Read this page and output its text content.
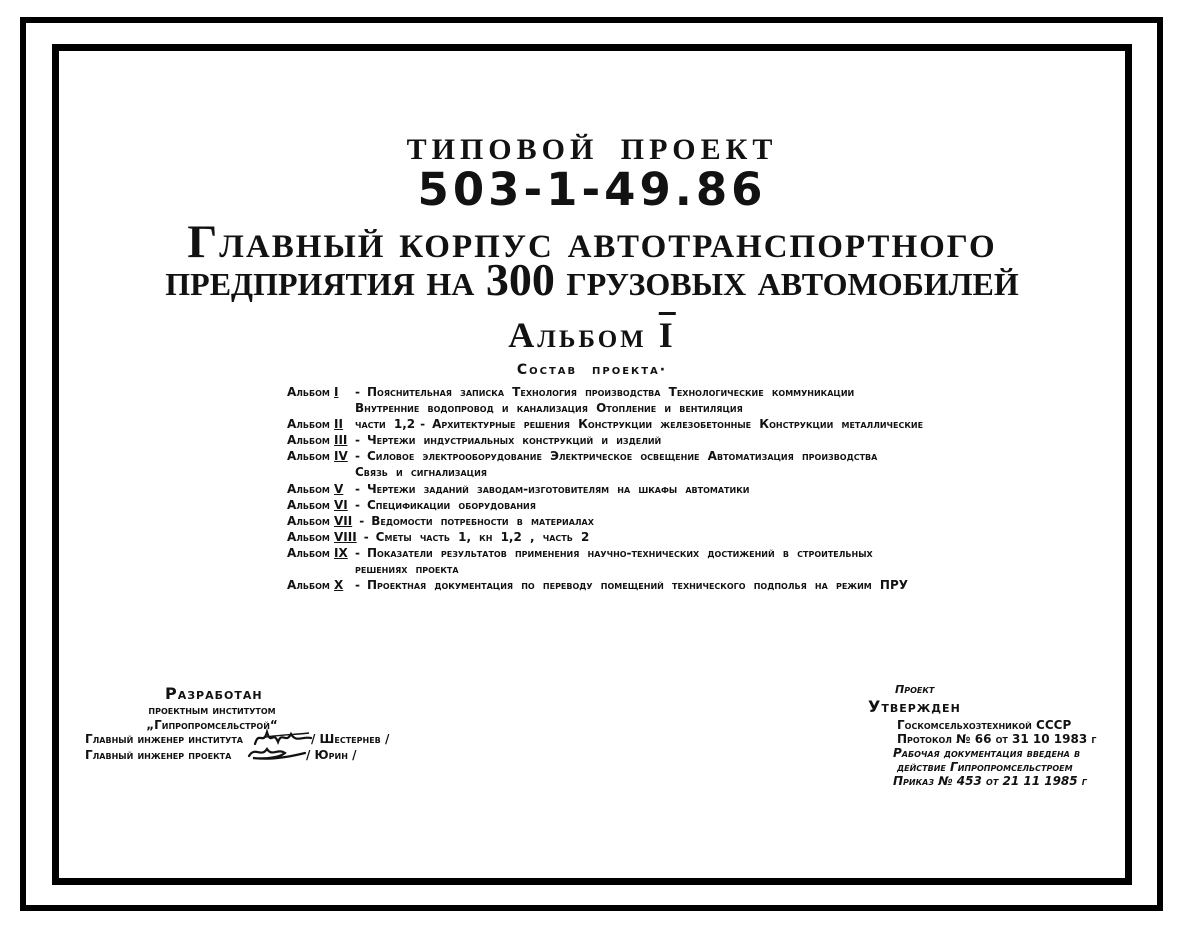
ТИПОВОЙ ПРОЕКТ
503-1-49.86
Главный корпус автотранспортного
предприятия на 300 грузовых автомобилей
Альбом $\overline{I}$
Состав проекта·
Альбом I - Пояснительная записка Технология производства Технологические коммуникации
Внутренние водопровод и канализация Отопление и вентиляция
Альбом II части 1,2 - Архитектурные решения Конструкции железобетонные Конструкции металлические
Альбом III - Чертежи индустриальных конструкций и изделий
Альбом IV - Силовое электрооборудование Электрическое освещение Автоматизация производства
Связь и сигнализация
Альбом V - Чертежи заданий заводам-изготовителям на шкафы автоматики
Альбом VI - Спецификации оборудования
Альбом VII - Ведомости потребности в материалах
Альбом VIII - Сметы часть 1, кн 1,2 , часть 2
Альбом IX - Показатели результатов применения научно-технических достижений в строительных
решениях проекта
Альбом X - Проектная документация по переводу помещений технического подполья на режим ПРУ
Разработан
проектным институтом
„Гипропромсельстрой“
Главный инженер института	/ Шестернев /
Главный инженер проекта	/ Юрин /
Проект
Утвержден
Госкомсельхозтехникой СССР
Протокол № 66 от 31 10 1983 г
Рабочая документация введена в
действие Гипропромсельстроем
Приказ № 453 от 21 11 1985 г
